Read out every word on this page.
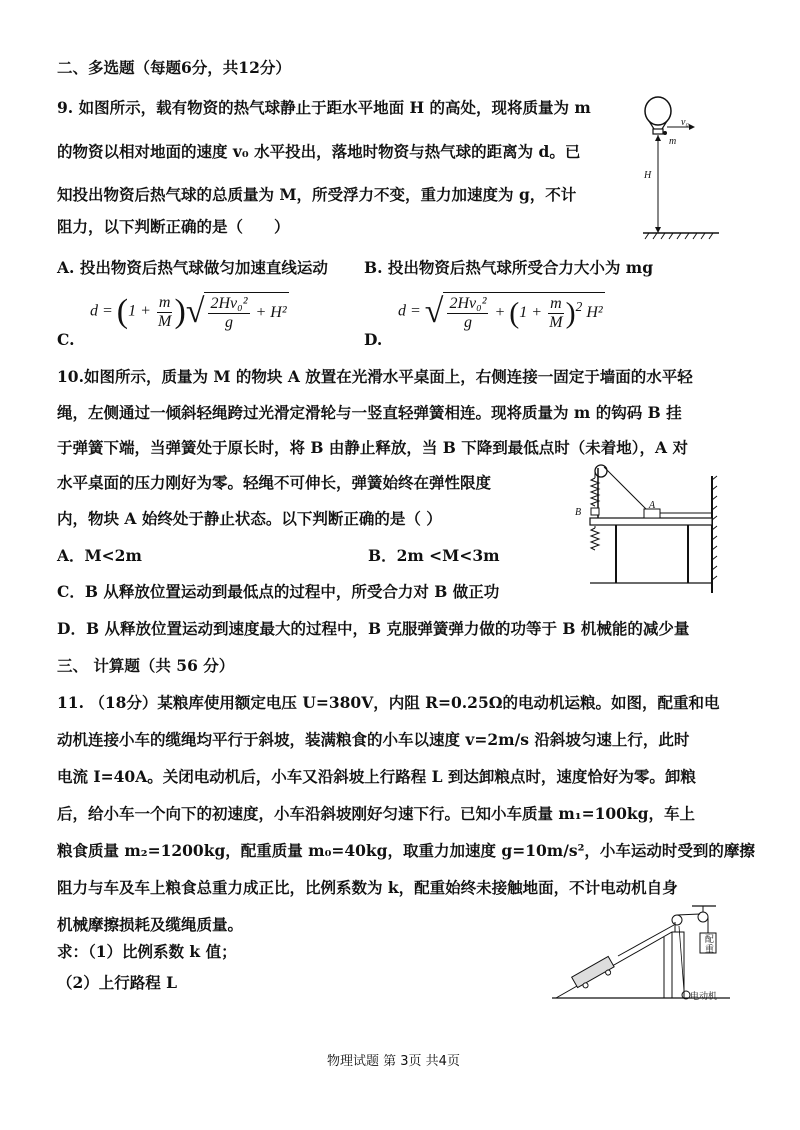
二、多选题（每题6分，共12分）
9. 如图所示，载有物资的热气球静止于距水平地面 H 的高处，现将质量为 m
的物资以相对地面的速度 v₀ 水平投出，落地时物资与热气球的距离为 d。已
知投出物资后热气球的总质量为 M，所受浮力不变，重力加速度为 g，不计
阻力，以下判断正确的是（　　）
A. 投出物资后热气球做匀加速直线运动 B. 投出物资后热气球所受合力大小为 mg
v₀
m
H
C.
$d = (1 + \frac{m}{M}$ )√ $\frac{\text{2Hv₀²}}{g} + H^2$
D.
d = √ $\frac{\text{2Hv₀²}}{g} + (1 + \frac{m}{M} )^2$ H²
10.如图所示，质量为 M 的物块 A 放置在光滑水平桌面上，右侧连接一固定于墙面的水平轻
绳，左侧通过一倾斜轻绳跨过光滑定滑轮与一竖直轻弹簧相连。现将质量为 m 的钩码 B 挂
于弹簧下端，当弹簧处于原长时，将 B 由静止释放，当 B 下降到最低点时（未着地），A 对
水平桌面的压力刚好为零。轻绳不可伸长，弹簧始终在弹性限度
内，物块 A 始终处于静止状态。以下判断正确的是（ ）
A．M<2m	B．2m <M<3m
C．B 从释放位置运动到最低点的过程中，所受合力对 B 做正功
D．B 从释放位置运动到速度最大的过程中，B 克服弹簧弹力做的功等于 B 机械能的减少量
A
B
三、 计算题（共 56 分）
11. （18分）某粮库使用额定电压 U=380V，内阻 R=0.25Ω的电动机运粮。如图，配重和电
动机连接小车的缆绳均平行于斜坡，装满粮食的小车以速度 v=2m/s 沿斜坡匀速上行，此时
电流 I=40A。关闭电动机后，小车又沿斜坡上行路程 L 到达卸粮点时，速度恰好为零。卸粮
后，给小车一个向下的初速度，小车沿斜坡刚好匀速下行。已知小车质量 m₁=100kg，车上
粮食质量 m₂=1200kg，配重质量 m₀=40kg，取重力加速度 g=10m/s²，小车运动时受到的摩擦
阻力与车及车上粮食总重力成正比，比例系数为 k，配重始终未接触地面，不计电动机自身
机械摩擦损耗及缆绳质量。
求：（1）比例系数 k 值；
（2）上行路程 L
配重
电动机
物理试题 第 3页 共4页
